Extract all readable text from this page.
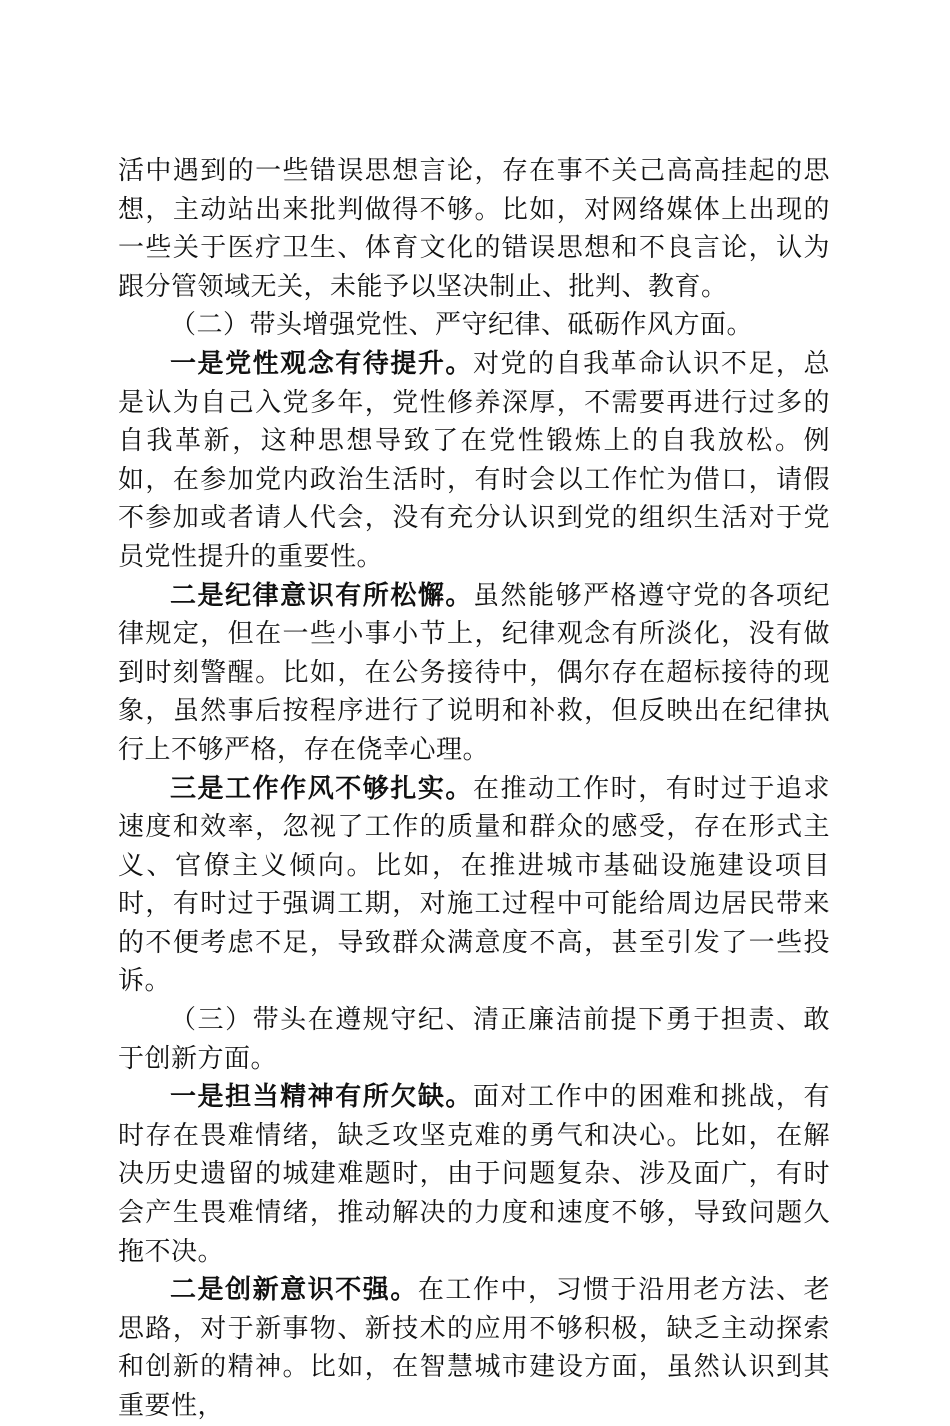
活中遇到的一些错误思想言论，存在事不关己高高挂起的思想，主动站出来批判做得不够。比如，对网络媒体上出现的一些关于医疗卫生、体育文化的错误思想和不良言论，认为跟分管领域无关，未能予以坚决制止、批判、教育。

（二）带头增强党性、严守纪律、砥砺作风方面。

一是党性观念有待提升。对党的自我革命认识不足，总是认为自己入党多年，党性修养深厚，不需要再进行过多的自我革新，这种思想导致了在党性锻炼上的自我放松。例如，在参加党内政治生活时，有时会以工作忙为借口，请假不参加或者请人代会，没有充分认识到党的组织生活对于党员党性提升的重要性。

二是纪律意识有所松懈。虽然能够严格遵守党的各项纪律规定，但在一些小事小节上，纪律观念有所淡化，没有做到时刻警醒。比如，在公务接待中，偶尔存在超标接待的现象，虽然事后按程序进行了说明和补救，但反映出在纪律执行上不够严格，存在侥幸心理。

三是工作作风不够扎实。在推动工作时，有时过于追求速度和效率，忽视了工作的质量和群众的感受，存在形式主义、官僚主义倾向。比如，在推进城市基础设施建设项目时，有时过于强调工期，对施工过程中可能给周边居民带来的不便考虑不足，导致群众满意度不高，甚至引发了一些投诉。

（三）带头在遵规守纪、清正廉洁前提下勇于担责、敢于创新方面。

一是担当精神有所欠缺。面对工作中的困难和挑战，有时存在畏难情绪，缺乏攻坚克难的勇气和决心。比如，在解决历史遗留的城建难题时，由于问题复杂、涉及面广，有时会产生畏难情绪，推动解决的力度和速度不够，导致问题久拖不决。

二是创新意识不强。在工作中，习惯于沿用老方法、老思路，对于新事物、新技术的应用不够积极，缺乏主动探索和创新的精神。比如，在智慧城市建设方面，虽然认识到其重要性，
